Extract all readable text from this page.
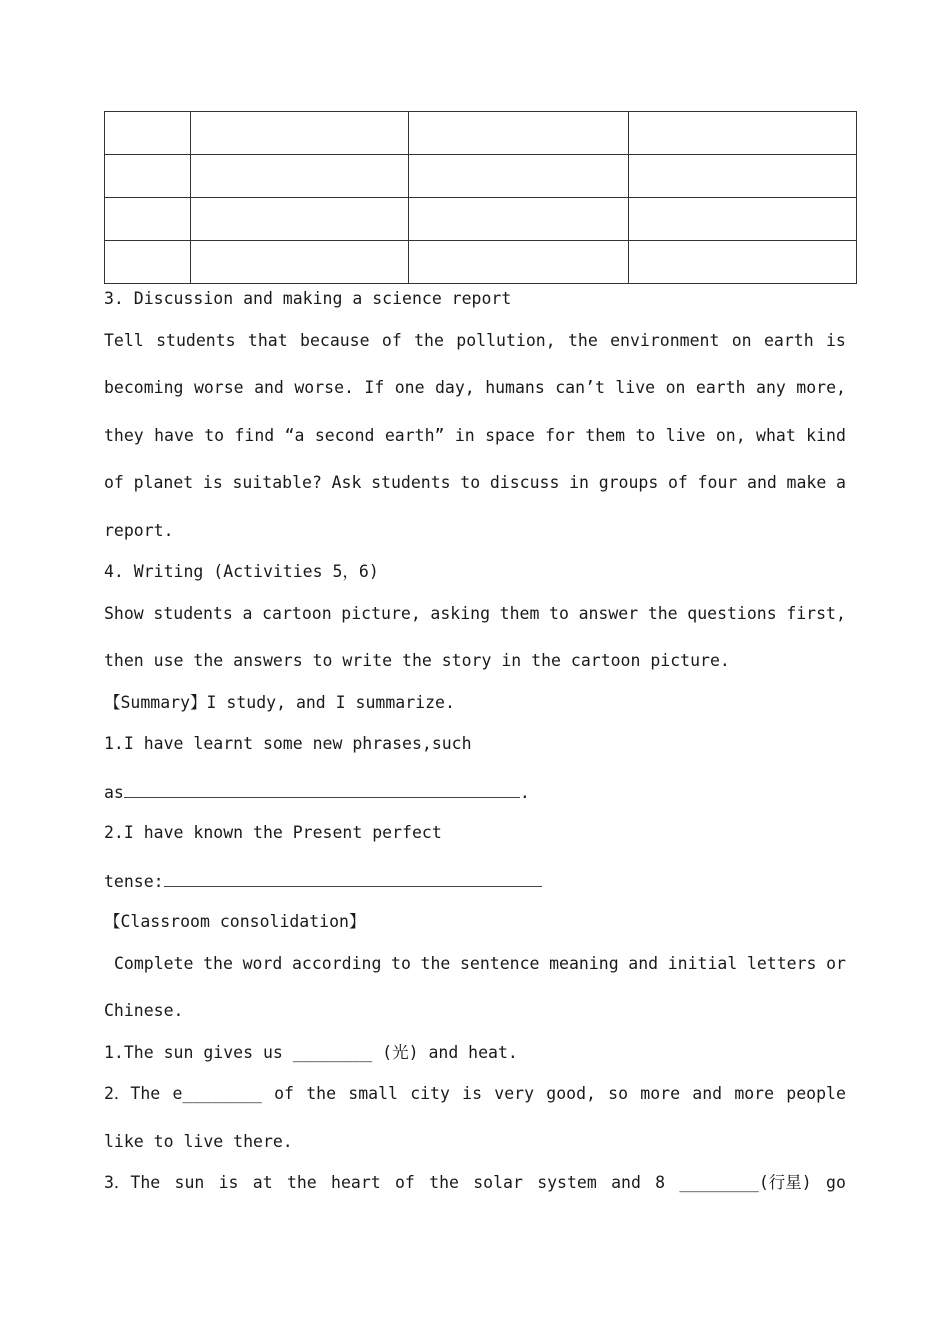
3. Discussion and making a science report
Tell students that because of the pollution, the environment on earth is
becoming worse and worse. If one day, humans can’t live on earth any more,
they have to find “a second earth” in space for them to live on, what kind
of planet is suitable? Ask students to discuss in groups of four and make a
report.
4. Writing (Activities 5，6)
Show students a cartoon picture, asking them to answer the questions first,
then use the answers to write the story in the cartoon picture.
【Summary】I study, and I summarize.
1.I have learnt some new phrases,such
as	.
2.I have known the Present perfect
tense:
【Classroom consolidation】
Complete the word according to the sentence meaning and initial letters or
Chinese.
1.The sun gives us ________ (光) and heat.
2．The e________ of the small city is very good, so more and more people
like to live there.
3．The sun is at the heart of the solar system and 8 ________(行星) go
